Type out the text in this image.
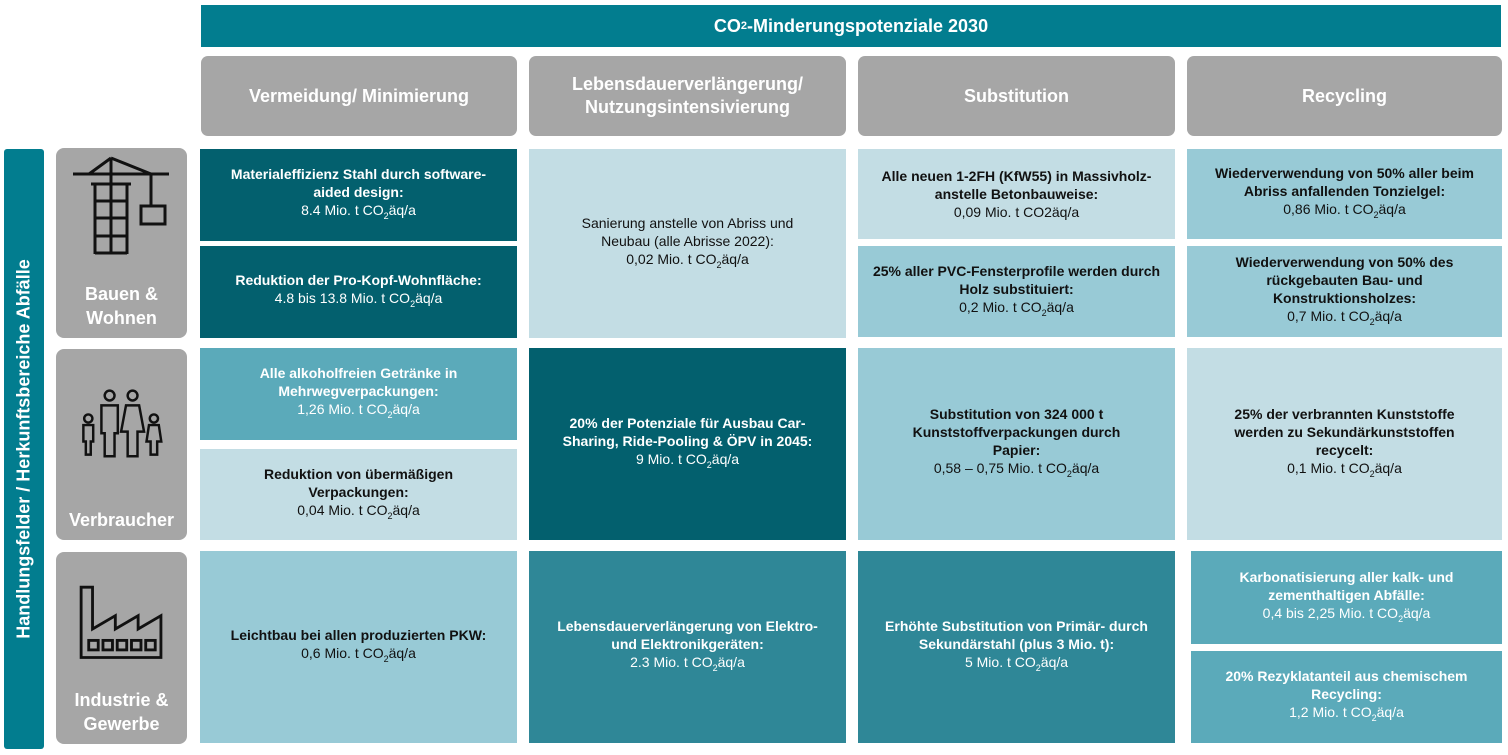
CO 2 -Minderungspotenziale 2030
Vermeidung/ Minimierung
Lebensdauerverlängerung/ Nutzungsintensivierung
Substitution	Recycling
Handlungsfelder / Herkunftsbereiche Abfälle	Bauen &
Wohnen
Verbraucher
Industrie &
Gewerbe
Materialeffizienz Stahl durch software-aided design:
8.4 Mio. t $CO_2äq/a$
Reduktion der Pro-Kopf-Wohnfläche:
4.8 bis 13.8 Mio. t $CO_2äq/a$
Sanierung anstelle von Abriss und Neubau (alle Abrisse 2022):
0,02 Mio. t $CO_2äq/a$
Alle neuen 1-2FH (KfW55) in Massivholz-anstelle Betonbauweise:
0,09 Mio. t CO2äq/a
25% aller PVC-Fensterprofile werden durch Holz substituiert:
0,2 Mio. t $CO_2äq/a$
Wiederverwendung von 50% aller beim Abriss anfallenden Tonzielgel:
0,86 Mio. t $CO_2äq/a$
Wiederverwendung von 50% des rückgebauten Bau- und Konstruktionsholzes:
0,7 Mio. t $CO_2äq/a$
Alle alkoholfreien Getränke in Mehrwegverpackungen:
1,26 Mio. t $CO_2äq/a$
Reduktion von übermäßigen Verpackungen:
0,04 Mio. t $CO_2äq/a$
20% der Potenziale für Ausbau Car-Sharing, Ride-Pooling & ÖPV in 2045:
9 Mio. t $CO_2äq/a$
Substitution von 324 000 t Kunststoffverpackungen durch Papier:
0,58 – 0,75 Mio. t $CO_2äq/a$
25% der verbrannten Kunststoffe werden zu Sekundärkunststoffen recycelt:
0,1 Mio. t $CO_2äq/a$
Leichtbau bei allen produzierten PKW:
0,6 Mio. t $CO_2äq/a$
Lebensdauerverlängerung von Elektro- und Elektronikgeräten:
2.3 Mio. t $CO_2äq/a$
Erhöhte Substitution von Primär- durch Sekundärstahl (plus 3 Mio. t):
5 Mio. t $CO_2äq/a$
Karbonatisierung aller kalk- und zementhaltigen Abfälle:
0,4 bis 2,25 Mio. t $CO_2äq/a$
20% Rezyklatanteil aus chemischem Recycling:
1,2 Mio. t $CO_2äq/a$
